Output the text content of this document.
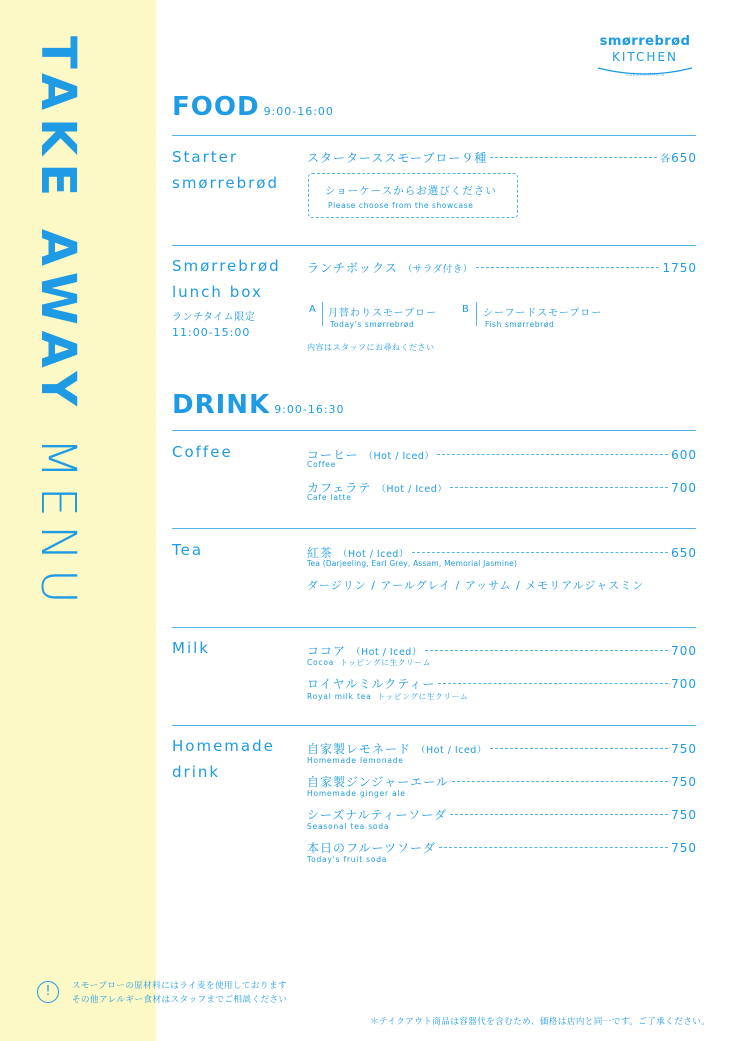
TAKE AWAY MENU
smørrebrød
KITCHEN
nakanoshima
FOOD 9:00-16:00
Starter
smørrebrød
スターターススモーブロー９種	各650
ショーケースからお選びください
Please choose from the showcase
Smørrebrød
lunch box
ランチタイム限定
11:00-15:00
ランチボックス （サラダ付き）	1750
A 月替わりスモーブロー
Today's smørrebrød
B シーフードスモーブロー
Fish smørrebrød
内容はスタッフにお尋ねください
DRINK 9:00-16:30
Coffee	コーヒー （Hot / Iced）	600
Coffee
カフェラテ （Hot / Iced）	700
Cafe latte
Tea	紅茶 （Hot / Iced）	650
Tea (Darjeeling, Earl Grey, Assam, Memorial Jasmine)
ダージリン / アールグレイ / アッサム / メモリアルジャスミン
Milk	ココア （Hot / Iced）	700
Cocoa トッピングに生クリーム
ロイヤルミルクティー	700
Royal milk tea トッピングに生クリーム
Homemade
drink
自家製レモネード （Hot / Iced）	750
Homemade lemonade
自家製ジンジャーエール	750
Homemade ginger ale
シーズナルティーソーダ	750
Seasonal tea soda
本日のフルーツソーダ	750
Today's fruit soda
!	スモーブローの原材料にはライ麦を使用しております
その他アレルギー食材はスタッフまでご相談ください
＊テイクアウト商品は容器代を含むため、価格は店内と同一です。ご了承ください。
